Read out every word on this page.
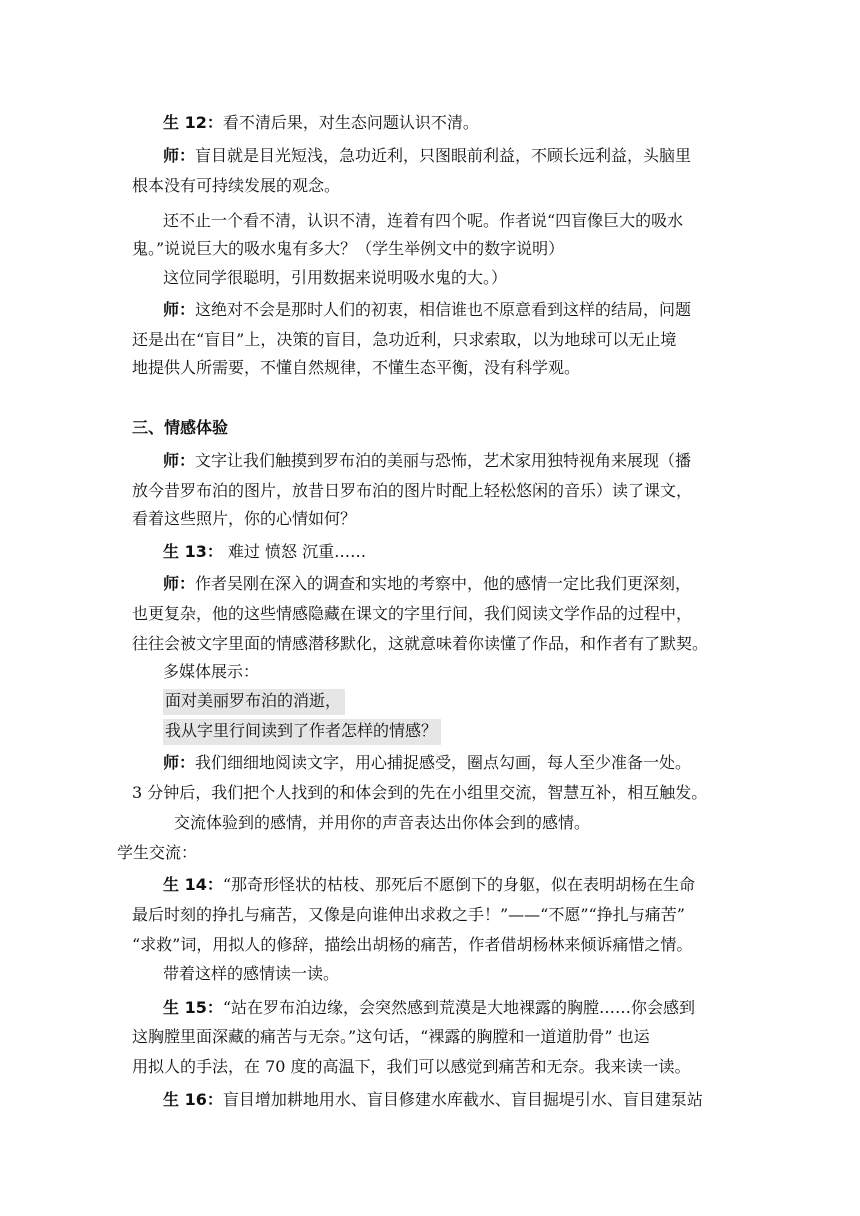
生 12：看不清后果，对生态问题认识不清。
师：盲目就是目光短浅，急功近利，只图眼前利益，不顾长远利益，头脑里
根本没有可持续发展的观念。
还不止一个看不清，认识不清，连着有四个呢。作者说“四盲像巨大的吸水
鬼。”说说巨大的吸水鬼有多大？（学生举例文中的数字说明）
这位同学很聪明，引用数据来说明吸水鬼的大。）
师：这绝对不会是那时人们的初衷，相信谁也不原意看到这样的结局，问题
还是出在“盲目”上，决策的盲目，急功近利，只求索取，以为地球可以无止境
地提供人所需要，不懂自然规律，不懂生态平衡，没有科学观。
三、情感体验
师：文字让我们触摸到罗布泊的美丽与恐怖，艺术家用独特视角来展现（播
放今昔罗布泊的图片，放昔日罗布泊的图片时配上轻松悠闲的音乐）读了课文，
看着这些照片，你的心情如何？
生 13： 难过 愤怒 沉重……
师：作者吴刚在深入的调查和实地的考察中，他的感情一定比我们更深刻，
也更复杂，他的这些情感隐藏在课文的字里行间，我们阅读文学作品的过程中，
往往会被文字里面的情感潜移默化，这就意味着你读懂了作品，和作者有了默契。
多媒体展示：
面对美丽罗布泊的消逝，
我从字里行间读到了作者怎样的情感？
师：我们细细地阅读文字，用心捕捉感受，圈点勾画，每人至少准备一处。
3 分钟后，我们把个人找到的和体会到的先在小组里交流，智慧互补，相互触发。
交流体验到的感情，并用你的声音表达出你体会到的感情。
学生交流：
生 14：“那奇形怪状的枯枝、那死后不愿倒下的身躯，似在表明胡杨在生命
最后时刻的挣扎与痛苦，又像是向谁伸出求救之手！”——“不愿”“挣扎与痛苦”
“求救”词，用拟人的修辞，描绘出胡杨的痛苦，作者借胡杨林来倾诉痛惜之情。
带着这样的感情读一读。
生 15：“站在罗布泊边缘，会突然感到荒漠是大地裸露的胸膛……你会感到
这胸膛里面深藏的痛苦与无奈。”这句话，“裸露的胸膛和一道道肋骨” 也运
用拟人的手法，在 70 度的高温下，我们可以感觉到痛苦和无奈。我来读一读。
生 16：盲目增加耕地用水、盲目修建水库截水、盲目掘堤引水、盲目建泵站
